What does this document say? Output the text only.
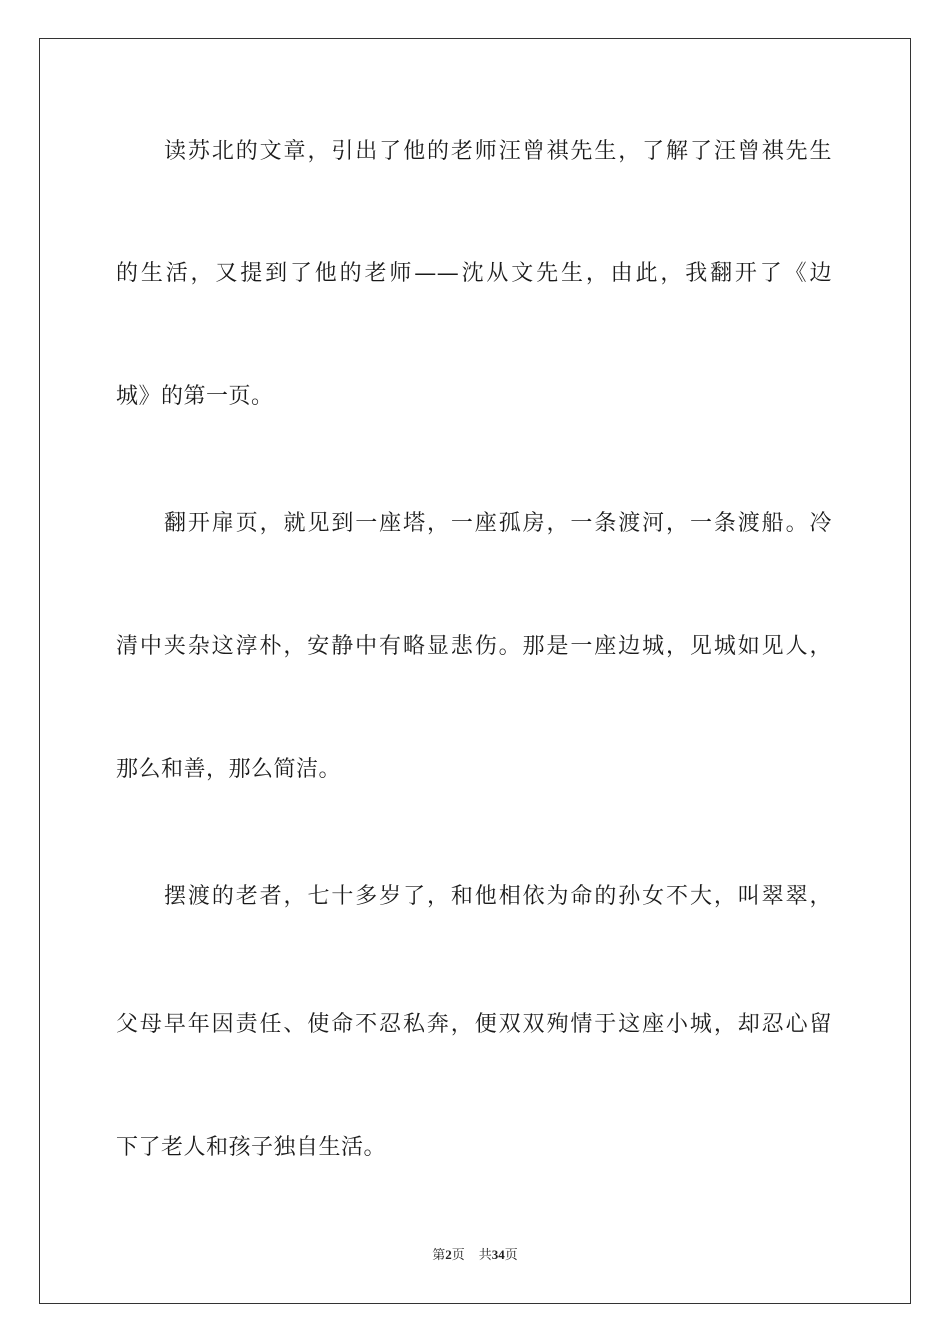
读苏北的文章，引出了他的老师汪曾祺先生，了解了汪曾祺先生
的生活，又提到了他的老师——沈从文先生，由此，我翻开了《边
城》的第一页。
翻开扉页，就见到一座塔，一座孤房，一条渡河，一条渡船。冷
清中夹杂这淳朴，安静中有略显悲伤。那是一座边城，见城如见人，
那么和善，那么简洁。
摆渡的老者，七十多岁了，和他相依为命的孙女不大，叫翠翠，
父母早年因责任、使命不忍私奔，便双双殉情于这座小城，却忍心留
下了老人和孩子独自生活。
第2页 共34页
